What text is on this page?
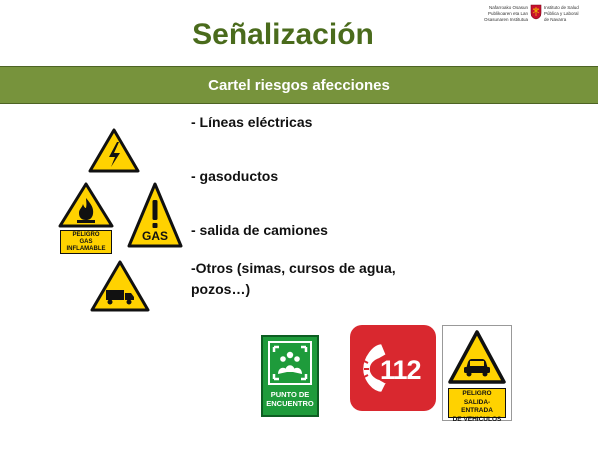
Señalización
Nafarroako Osasun
Publikoaren eta Lan
Osasunaren Institutua
Instituto de Salud
Pública y Laboral
de Navarra
Cartel riesgos afecciones
PELIGRO
GAS
INFLAMABLE
GAS
- Líneas eléctricas
- gasoductos
- salida de camiones
-Otros (simas, cursos de agua,
pozos…)
PUNTO DE
ENCUENTRO
112
PELIGRO
SALIDA-ENTRADA
DE VEHICULOS
